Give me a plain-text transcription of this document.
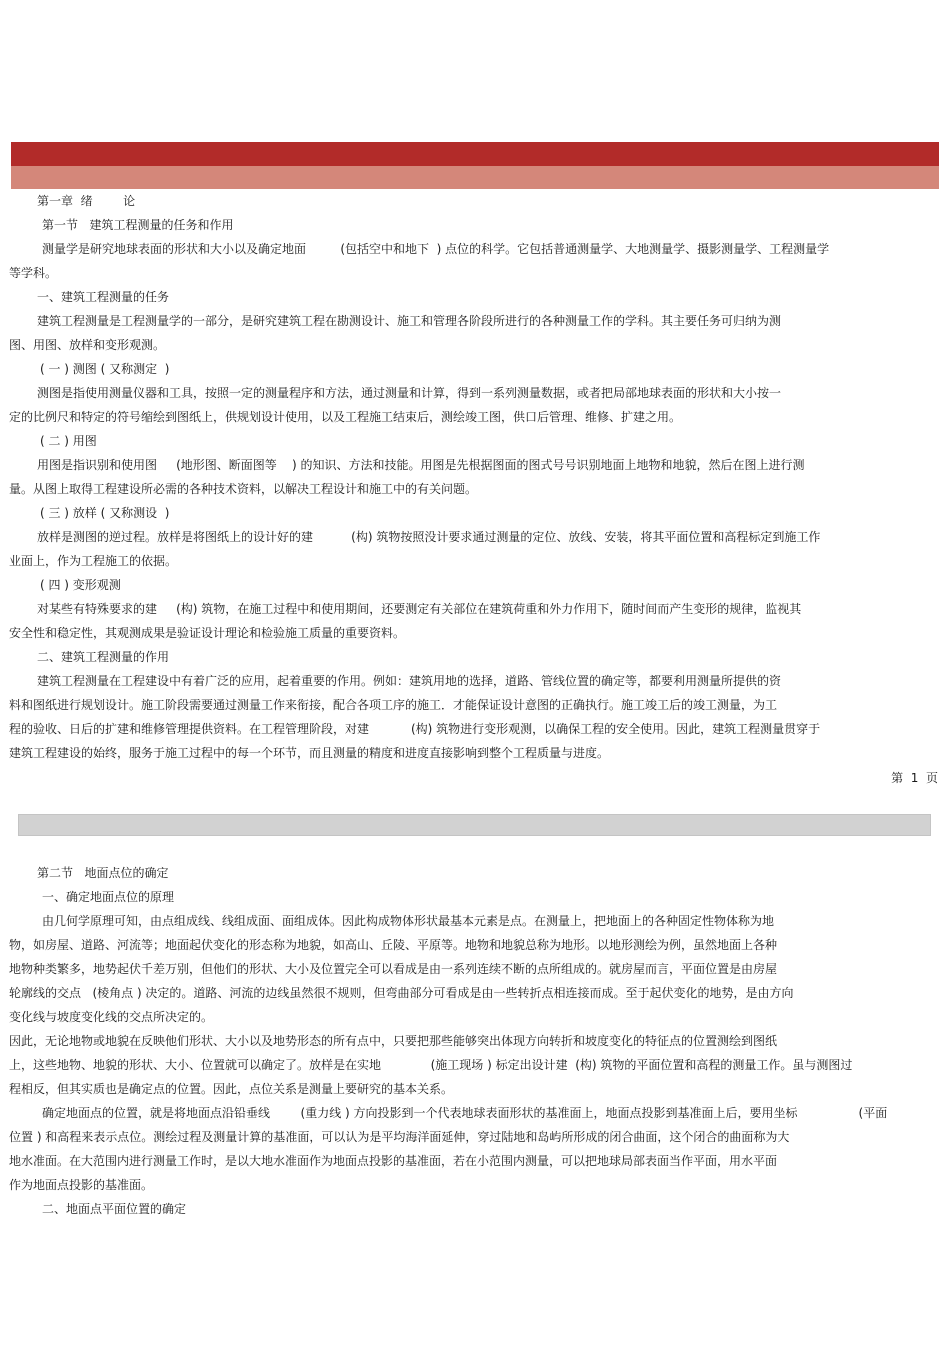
第一章  绪        论
第一节   建筑工程测量的任务和作用
测量学是研究地球表面的形状和大小以及确定地面         (包括空中和地下  ) 点位的科学。它包括普通测量学、大地测量学、摄影测量学、工程测量学
等学科。
一、建筑工程测量的任务
建筑工程测量是工程测量学的一部分，是研究建筑工程在勘测设计、施工和管理各阶段所进行的各种测量工作的学科。其主要任务可归纳为测
图、用图、放样和变形观测。
( 一 ) 测图 ( 又称测定  )
测图是指使用测量仪器和工具，按照一定的测量程序和方法，通过测量和计算，得到一系列测量数据，或者把局部地球表面的形状和大小按一
定的比例尺和特定的符号缩绘到图纸上，供规划设计使用，以及工程施工结束后，测绘竣工图，供口后管理、维修、扩建之用。
( 二 ) 用图
用图是指识别和使用图     (地形图、断面图等    ) 的知识、方法和技能。用图是先根据图面的图式号号识别地面上地物和地貌，然后在图上进行测
量。从图上取得工程建设所必需的各种技术资料，以解决工程设计和施工中的有关问题。
( 三 ) 放样 ( 又称测设  )
放样是测图的逆过程。放样是将图纸上的设计好的建          (构) 筑物按照没计要求通过测量的定位、放线、安装，将其平面位置和高程标定到施工作
业面上，作为工程施工的依据。
( 四 ) 变形观测
对某些有特殊要求的建     (构) 筑物，在施工过程中和使用期间，还要测定有关部位在建筑荷重和外力作用下，随时间而产生变形的规律，监视其
安全性和稳定性，其观测成果是验证设计理论和检验施工质量的重要资料。
二、建筑工程测量的作用
建筑工程测量在工程建设中有着广泛的应用，起着重要的作用。例如：建筑用地的选择，道路、管线位置的确定等，都要利用测量所提供的资
料和图纸进行规划设计。施工阶段需要通过测量工作来衔接，配合各项工序的施工．才能保证设计意图的正确执行。施工竣工后的竣工测量，为工
程的验收、日后的扩建和维修管理提供资料。在工程管理阶段，对建           (构) 筑物进行变形观测，以确保工程的安全使用。因此，建筑工程测量贯穿于
建筑工程建设的始终，服务于施工过程中的每一个环节，而且测量的精度和进度直接影响到整个工程质量与进度。
第  1  页
第二节   地面点位的确定
一、确定地面点位的原理
由几何学原理可知，由点组成线、线组成面、面组成体。因此构成物体形状最基本元素是点。在测量上，把地面上的各种固定性物体称为地
物，如房屋、道路、河流等；地面起伏变化的形态称为地貌，如高山、丘陵、平原等。地物和地貌总称为地形。以地形测绘为例，虽然地面上各种
地物种类繁多，地势起伏千差万别，但他们的形状、大小及位置完全可以看成是由一系列连续不断的点所组成的。就房屋而言，平面位置是由房屋
轮廓线的交点   (棱角点 ) 决定的。道路、河流的边线虽然很不规则，但弯曲部分可看成是由一些转折点相连接而成。至于起伏变化的地势，是由方向
变化线与坡度变化线的交点所决定的。
因此，无论地物或地貌在反映他们形状、大小以及地势形态的所有点中，只要把那些能够突出体现方向转折和坡度变化的特征点的位置测绘到图纸
上，这些地物、地貌的形状、大小、位置就可以确定了。放样是在实地             (施工现场 ) 标定出设计建  (构) 筑物的平面位置和高程的测量工作。虽与测图过
程相反，但其实质也是确定点的位置。因此，点位关系是测量上要研究的基本关系。
确定地面点的位置，就是将地面点沿铅垂线        (重力线 ) 方向投影到一个代表地球表面形状的基准面上，地面点投影到基准面上后，要用坐标                (平面
位置 ) 和高程来表示点位。测绘过程及测量计算的基准面，可以认为是平均海洋面延伸，穿过陆地和岛屿所形成的闭合曲面，这个闭合的曲面称为大
地水准面。在大范围内进行测量工作时，是以大地水准面作为地面点投影的基准面，若在小范围内测量，可以把地球局部表面当作平面，用水平面
作为地面点投影的基准面。
二、地面点平面位置的确定
